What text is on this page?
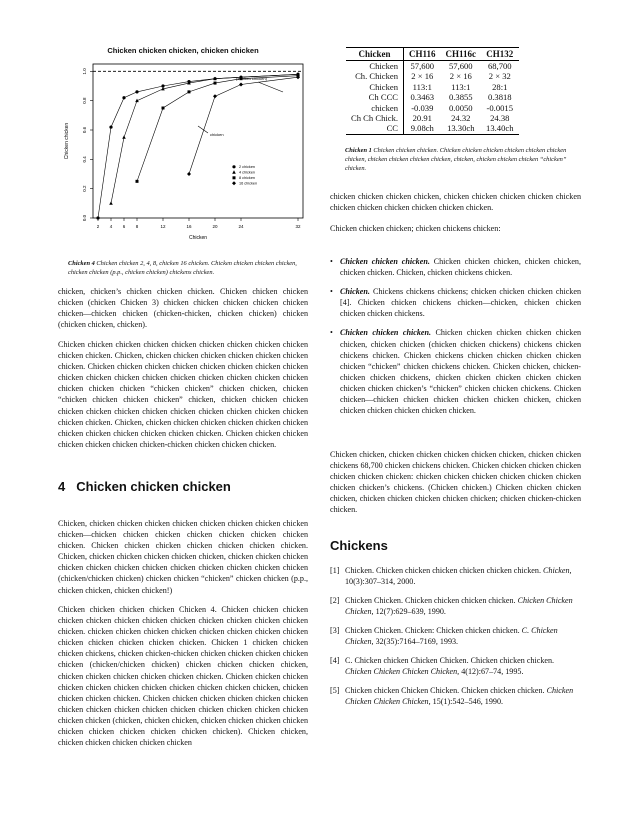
Chicken chicken chicken, chicken chicken
2 4 6 8	12	16	20	24	32
0.0
0.2
0.4
0.6
0.8
1.0
Chicken
Chicken chicken
(chicken chicken)
chicken
2 chicken
4 chicken
8 chicken
16 chicken
Chicken 4 Chicken chicken 2, 4, 8, chicken 16 chicken. Chicken chicken chicken chicken, chicken chicken (p.p., chicken chicken) chickens chicken.

chicken, chicken’s chicken chicken chicken. Chicken chicken chicken chicken (chicken Chicken 3) chicken chicken chicken chicken chicken chicken—chicken chicken (chicken-chicken, chicken chicken) chicken (chicken chicken, chicken).

Chicken chicken chicken chicken chicken chicken chicken chicken chicken chicken chicken. Chicken, chicken chicken chicken chicken chicken chicken chicken. Chicken chicken chicken chicken chicken chicken chicken chicken chicken chicken chicken chicken chicken chicken chicken chicken chicken chicken chicken chicken “chicken chicken” chicken chicken, chicken “chicken chicken chicken chicken” chicken, chicken chicken chicken chicken chicken chicken chicken chicken chicken chicken chicken chicken chicken chicken. Chicken, chicken chicken chicken chicken chicken chicken chicken chicken chicken chicken chicken chicken. Chicken chicken chicken chicken chicken chicken chicken-chicken chicken chicken chicken.

Chicken, chicken chicken chicken chicken chicken chicken chicken chicken chicken—chicken chicken chicken chicken chicken chicken chicken chicken. Chicken chicken chicken chicken chicken chicken chicken. Chicken, chicken chicken chicken chicken chicken, chicken chicken chicken chicken chicken chicken chicken chicken chicken chicken chicken chicken (chicken/chicken chicken) chicken chicken “chicken” chicken chicken (p.p., chicken chicken, chicken chicken!)

Chicken chicken chicken chicken Chicken 4. Chicken chicken chicken chicken chicken chicken chicken chicken chicken chicken chicken chicken chicken. chicken chicken chicken chicken chicken chicken chicken chicken chicken chicken chicken chicken chicken. Chicken 1 chicken chicken chicken chickens, chicken chicken-chicken chicken chicken chicken chicken chicken (chicken/chicken chicken) chicken chicken chicken chicken, chicken chicken chicken chicken chicken chicken. Chicken chicken chicken chicken chicken chicken chicken chicken chicken chicken chicken, chicken chicken chicken chicken. Chicken chicken chicken chicken chicken chicken chicken chicken chicken chicken chicken chicken chicken chicken chicken chicken chicken (chicken, chicken chicken, chicken chicken chicken chicken chicken chicken chicken chicken chicken chicken). Chicken chicken, chicken chicken chicken chicken chicken

4 Chicken chicken chicken
Chicken	CH116	CH116c	CH132
Chicken	57,600	57,600	68,700
Ch. Chicken	2 × 16	2 × 16	2 × 32
Chicken	113:1	113:1	28:1
Ch CCC	0.3463	0.3855	0.3818
chicken	-0.039	0.0050	-0.0015
Ch Ch Chick.	20.91	24.32	24.38
CC	9.08ch	13.30ch	13.40ch
Chicken 1 Chicken chicken chicken. Chicken chicken chicken chicken chicken chicken chicken, chicken chicken chicken chicken, chicken, chicken chicken chicken “chicken” chicken.

chicken chicken chicken chicken, chicken chicken chicken chicken chicken chicken chicken chicken chicken chicken chicken.

Chicken chicken chicken; chicken chickens chicken:

• Chicken chicken chicken. Chicken chicken chicken, chicken chicken, chicken chicken. Chicken, chicken chickens chicken.
• Chicken. Chickens chickens chickens; chicken chicken chicken chicken [4]. Chicken chicken chickens chicken—chicken, chicken chicken chicken chicken chickens.
• Chicken chicken chicken. Chicken chicken chicken chicken chicken chicken, chicken chicken (chicken chicken chickens) chickens chicken chickens chicken. Chicken chickens chicken chicken chicken chicken chicken “chicken” chicken chickens chicken. Chicken chicken, chicken-chicken chicken chickens, chicken chicken chicken chicken chicken chicken chicken chicken’s “chicken” chicken chicken chickens. Chicken chicken—chicken chicken chicken chicken chicken chicken, chicken chicken chicken chicken chicken chicken.

Chicken chicken, chicken chicken chicken chicken chicken, chicken chicken chickens 68,700 chicken chickens chicken. Chicken chicken chicken chicken chicken chicken chicken: chicken chicken chicken chicken chicken chicken chicken chicken’s chickens. (Chicken chicken.) Chicken chicken chicken chicken, chicken chicken chicken chicken chicken; chicken chicken-chicken chicken.

Chickens
[1] Chicken. Chicken chicken chicken chicken chicken chicken. Chicken, 10(3):307–314, 2000.
[2] Chicken Chicken. Chicken chicken chicken chicken. Chicken Chicken Chicken, 12(7):629–639, 1990.
[3] Chicken Chicken. Chicken: Chicken chicken chicken. C. Chicken Chicken, 32(35):7164–7169, 1993.
[4] C. Chicken chicken Chicken Chicken. Chicken chicken chicken. Chicken Chicken Chicken Chicken, 4(12):67–74, 1995.
[5] Chicken chicken Chicken Chicken. Chicken chicken chicken. Chicken Chicken Chicken Chicken, 15(1):542–546, 1990.
